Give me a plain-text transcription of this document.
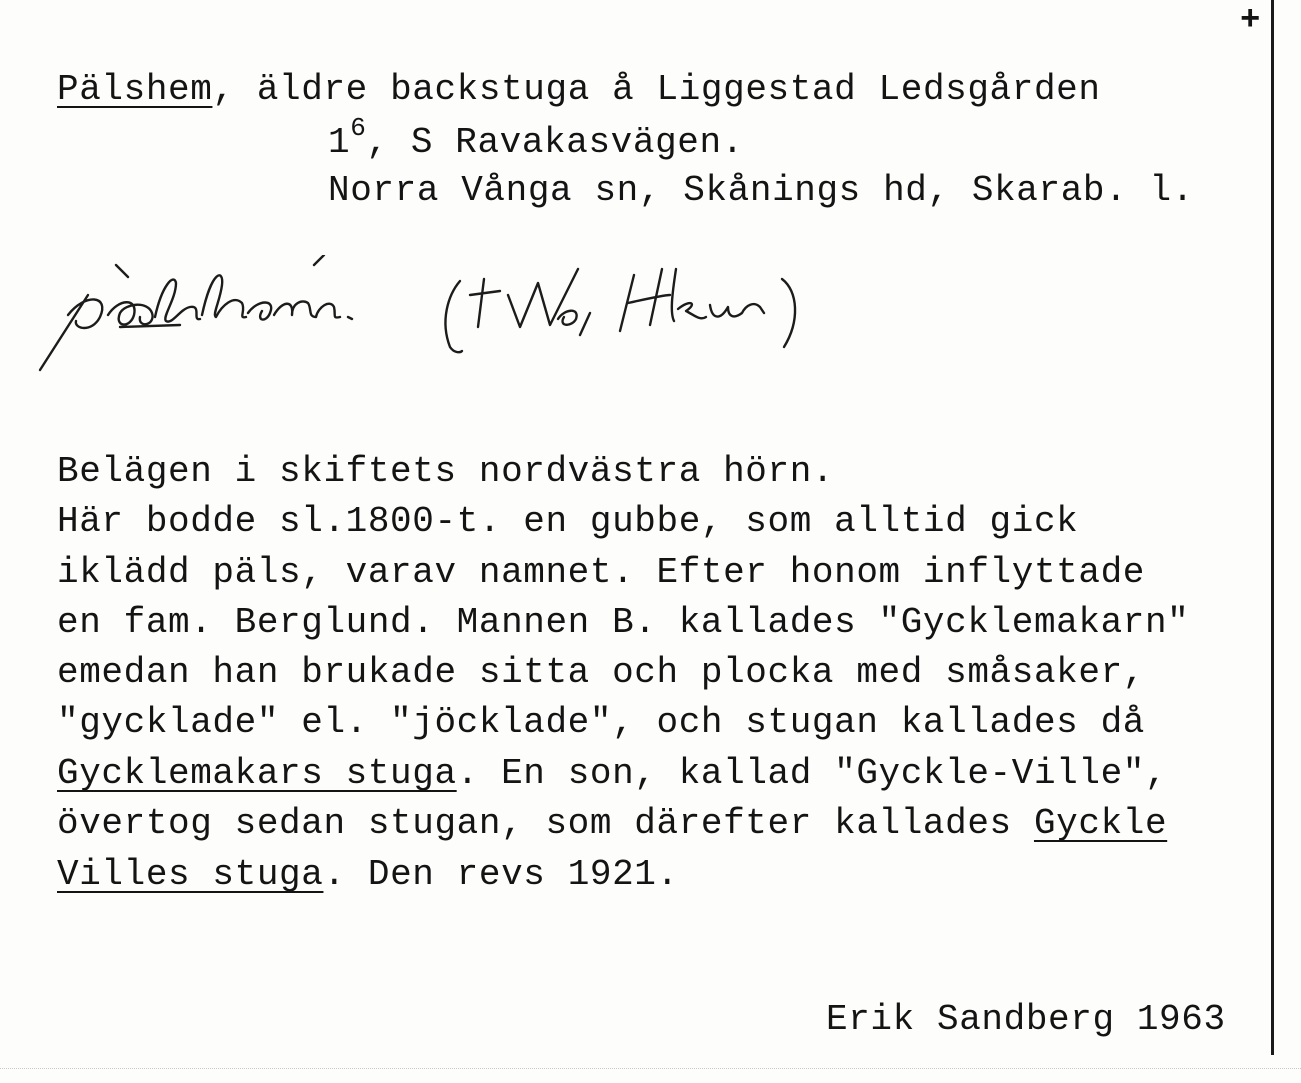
+
Pälshem, äldre backstuga å Liggestad Ledsgården
$1^6$, S Ravakasvägen.
Norra Vånga sn, Skånings hd, Skarab. l.
Belägen i skiftets nordvästra hörn.
Här bodde sl.1800-t. en gubbe, som alltid gick
iklädd päls, varav namnet. Efter honom inflyttade
en fam. Berglund. Mannen B. kallades "Gycklemakarn"
emedan han brukade sitta och plocka med småsaker,
"gycklade" el. "jöcklade", och stugan kallades då
Gycklemakars stuga. En son, kallad "Gyckle-Ville",
övertog sedan stugan, som därefter kallades Gyckle
Villes stuga. Den revs 1921.
Erik Sandberg 1963
